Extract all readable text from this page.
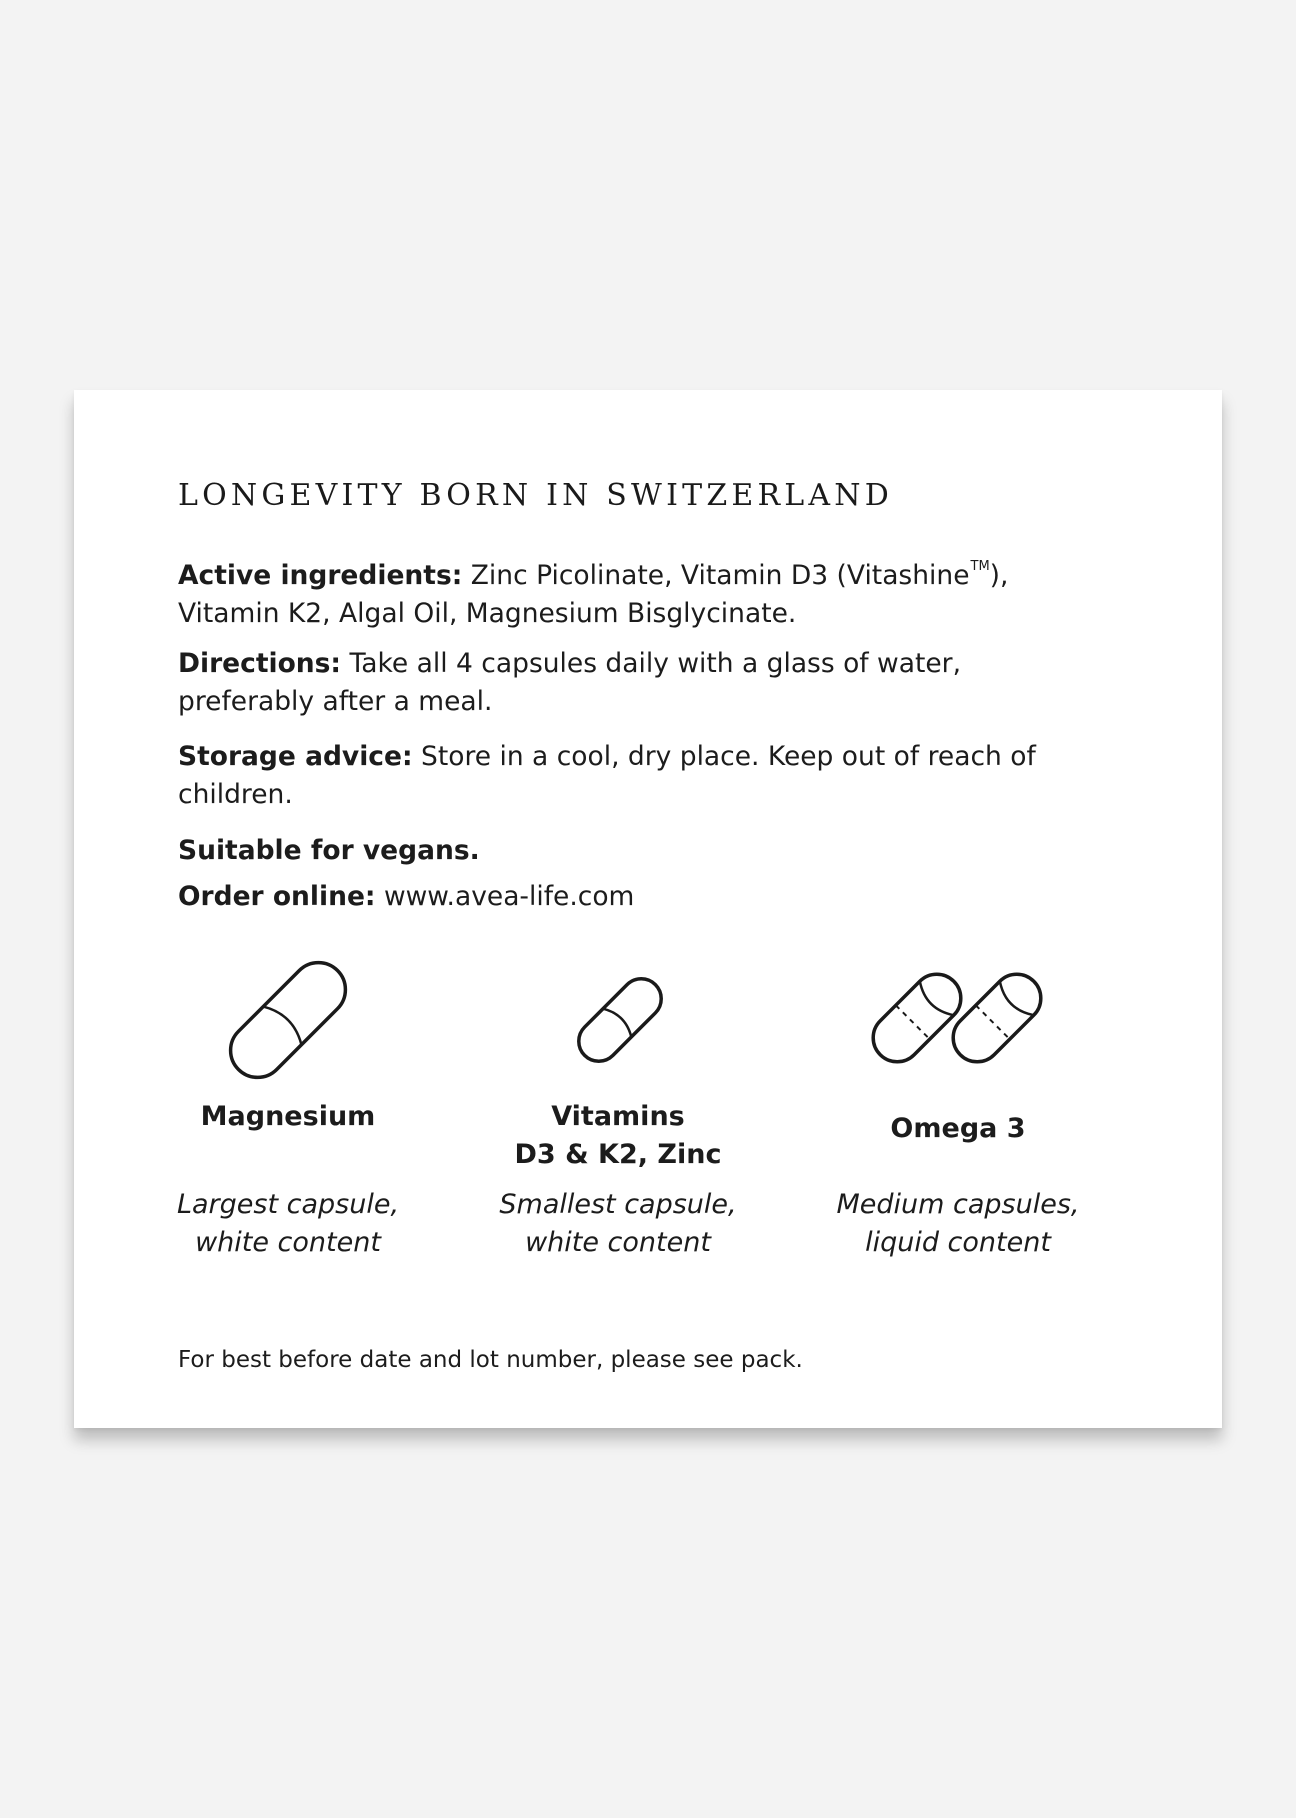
LONGEVITY BORN IN SWITZERLAND
Active ingredients: Zinc Picolinate, Vitamin D3 (Vitashine™),
Vitamin K2, Algal Oil, Magnesium Bisglycinate.
Directions: Take all 4 capsules daily with a glass of water, preferably after a meal.
Storage advice: Store in a cool, dry place. Keep out of reach of children.
Suitable for vegans.
Order online: www.avea-life.com
Magnesium
Largest capsule,
white content
Vitamins
D3 & K2, Zinc
Smallest capsule,
white content
Omega 3
Medium capsules,
liquid content
For best before date and lot number, please see pack.
